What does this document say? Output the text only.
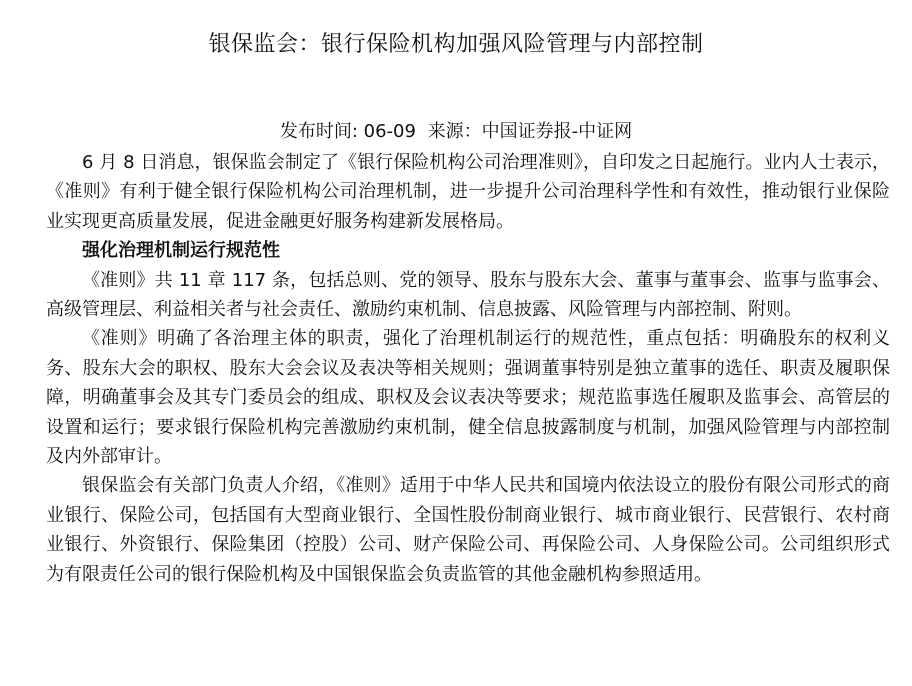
银保监会：银行保险机构加强风险管理与内部控制
发布时间: 06-09 来源：中国证券报-中证网

6 月 8 日消息，银保监会制定了《银行保险机构公司治理准则》，自印发之日起施行。业内人士表示，《准则》有利于健全银行保险机构公司治理机制，进一步提升公司治理科学性和有效性，推动银行业保险业实现更高质量发展，促进金融更好服务构建新发展格局。

强化治理机制运行规范性

《准则》共 11 章 117 条，包括总则、党的领导、股东与股东大会、董事与董事会、监事与监事会、高级管理层、利益相关者与社会责任、激励约束机制、信息披露、风险管理与内部控制、附则。

《准则》明确了各治理主体的职责，强化了治理机制运行的规范性，重点包括：明确股东的权利义务、股东大会的职权、股东大会会议及表决等相关规则；强调董事特别是独立董事的选任、职责及履职保障，明确董事会及其专门委员会的组成、职权及会议表决等要求；规范监事选任履职及监事会、高管层的设置和运行；要求银行保险机构完善激励约束机制，健全信息披露制度与机制，加强风险管理与内部控制及内外部审计。

银保监会有关部门负责人介绍，《准则》适用于中华人民共和国境内依法设立的股份有限公司形式的商业银行、保险公司，包括国有大型商业银行、全国性股份制商业银行、城市商业银行、民营银行、农村商业银行、外资银行、保险集团（控股）公司、财产保险公司、再保险公司、人身保险公司。公司组织形式为有限责任公司的银行保险机构及中国银保监会负责监管的其他金融机构参照适用。
